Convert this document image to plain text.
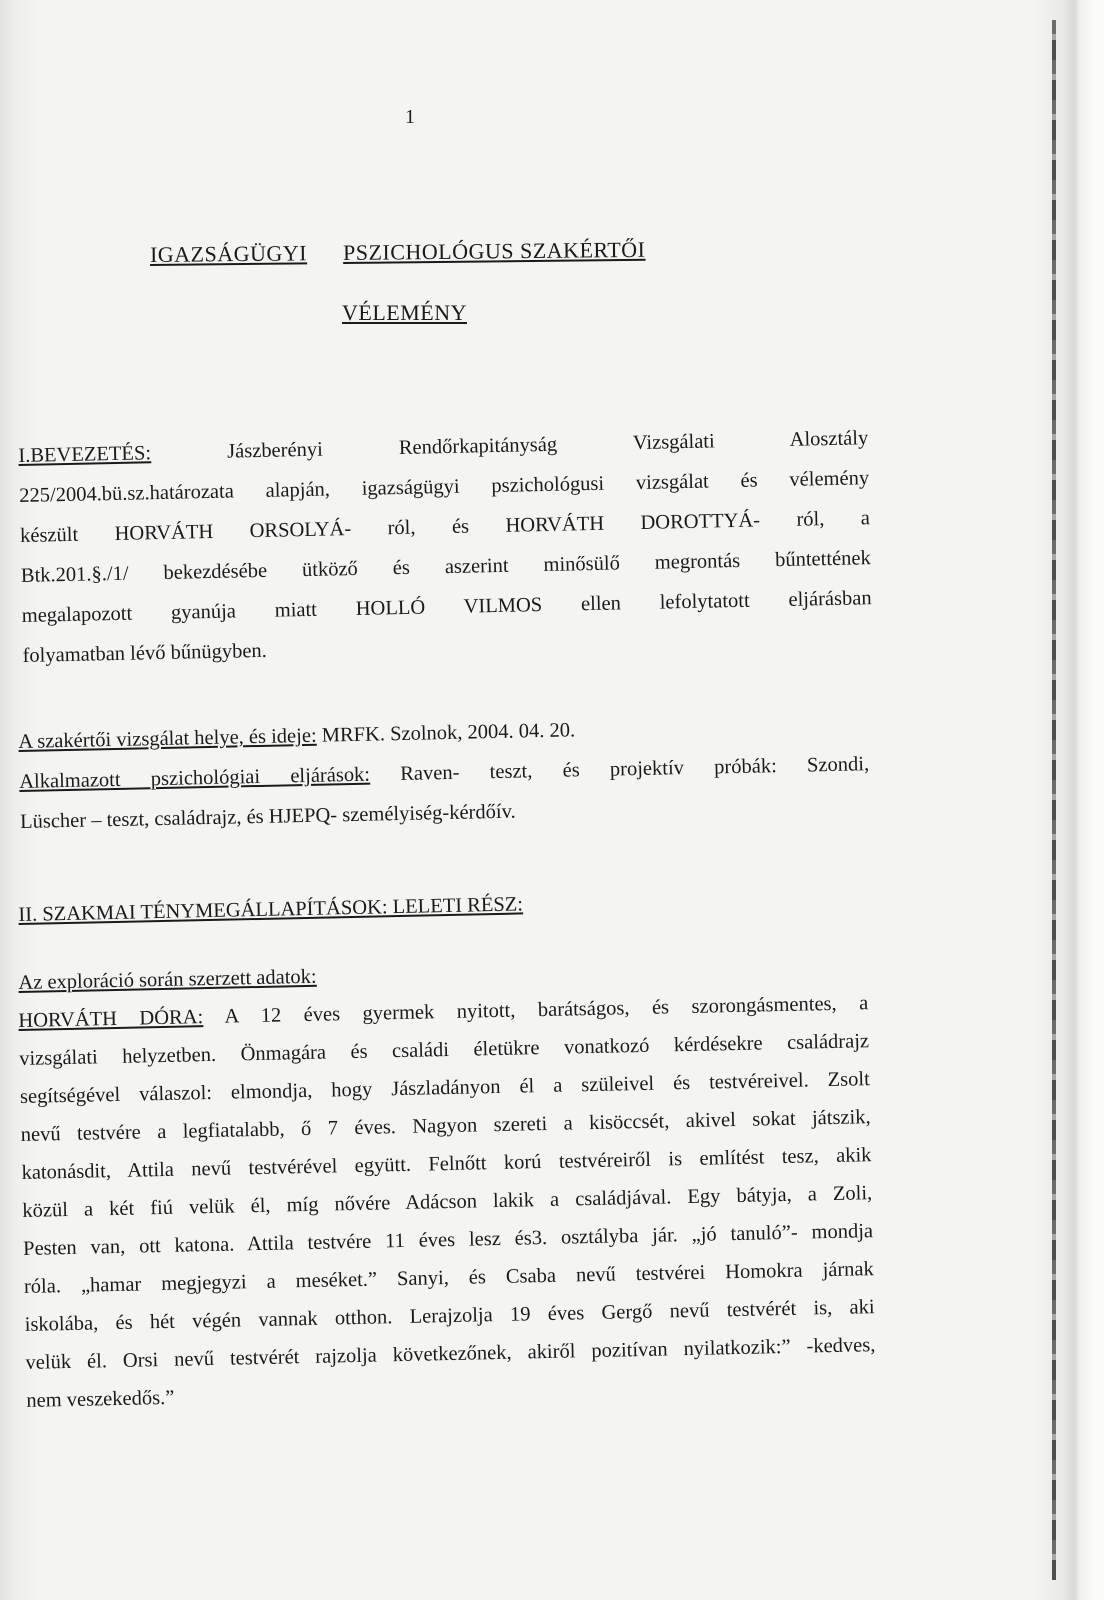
1
IGAZSÁGÜGYI PSZICHOLÓGUS SZAKÉRTŐI
VÉLEMÉNY
I.BEVEZETÉS: Jászberényi Rendőrkapitányság Vizsgálati Alosztály
225/2004.bü.sz.határozata alapján, igazságügyi pszichológusi vizsgálat és vélemény
készült HORVÁTH ORSOLYÁ- ról, és HORVÁTH DOROTTYÁ- ról, a
Btk.201.§./1/ bekezdésébe ütköző és aszerint minősülő megrontás bűntettének
megalapozott gyanúja miatt HOLLÓ VILMOS ellen lefolytatott eljárásban
folyamatban lévő bűnügyben.
A szakértői vizsgálat helye, és ideje: MRFK. Szolnok, 2004. 04. 20.
Alkalmazott pszichológiai eljárások: Raven- teszt, és projektív próbák: Szondi,
Lüscher – teszt, családrajz, és HJEPQ- személyiség-kérdőív.
II. SZAKMAI TÉNYMEGÁLLAPÍTÁSOK: LELETI RÉSZ:
Az exploráció során szerzett adatok:
HORVÁTH DÓRA: A 12 éves gyermek nyitott, barátságos, és szorongásmentes, a
vizsgálati helyzetben. Önmagára és családi életükre vonatkozó kérdésekre családrajz
segítségével válaszol: elmondja, hogy Jászladányon él a szüleivel és testvéreivel. Zsolt
nevű testvére a legfiatalabb, ő 7 éves. Nagyon szereti a kisöccsét, akivel sokat játszik,
katonásdit, Attila nevű testvérével együtt. Felnőtt korú testvéreiről is említést tesz, akik
közül a két fiú velük él, míg nővére Adácson lakik a családjával. Egy bátyja, a Zoli,
Pesten van, ott katona. Attila testvére 11 éves lesz és3. osztályba jár. „jó tanuló”- mondja
róla. „hamar megjegyzi a meséket.” Sanyi, és Csaba nevű testvérei Homokra járnak
iskolába, és hét végén vannak otthon. Lerajzolja 19 éves Gergő nevű testvérét is, aki
velük él. Orsi nevű testvérét rajzolja következőnek, akiről pozitívan nyilatkozik:” -kedves,
nem veszekedős.”
